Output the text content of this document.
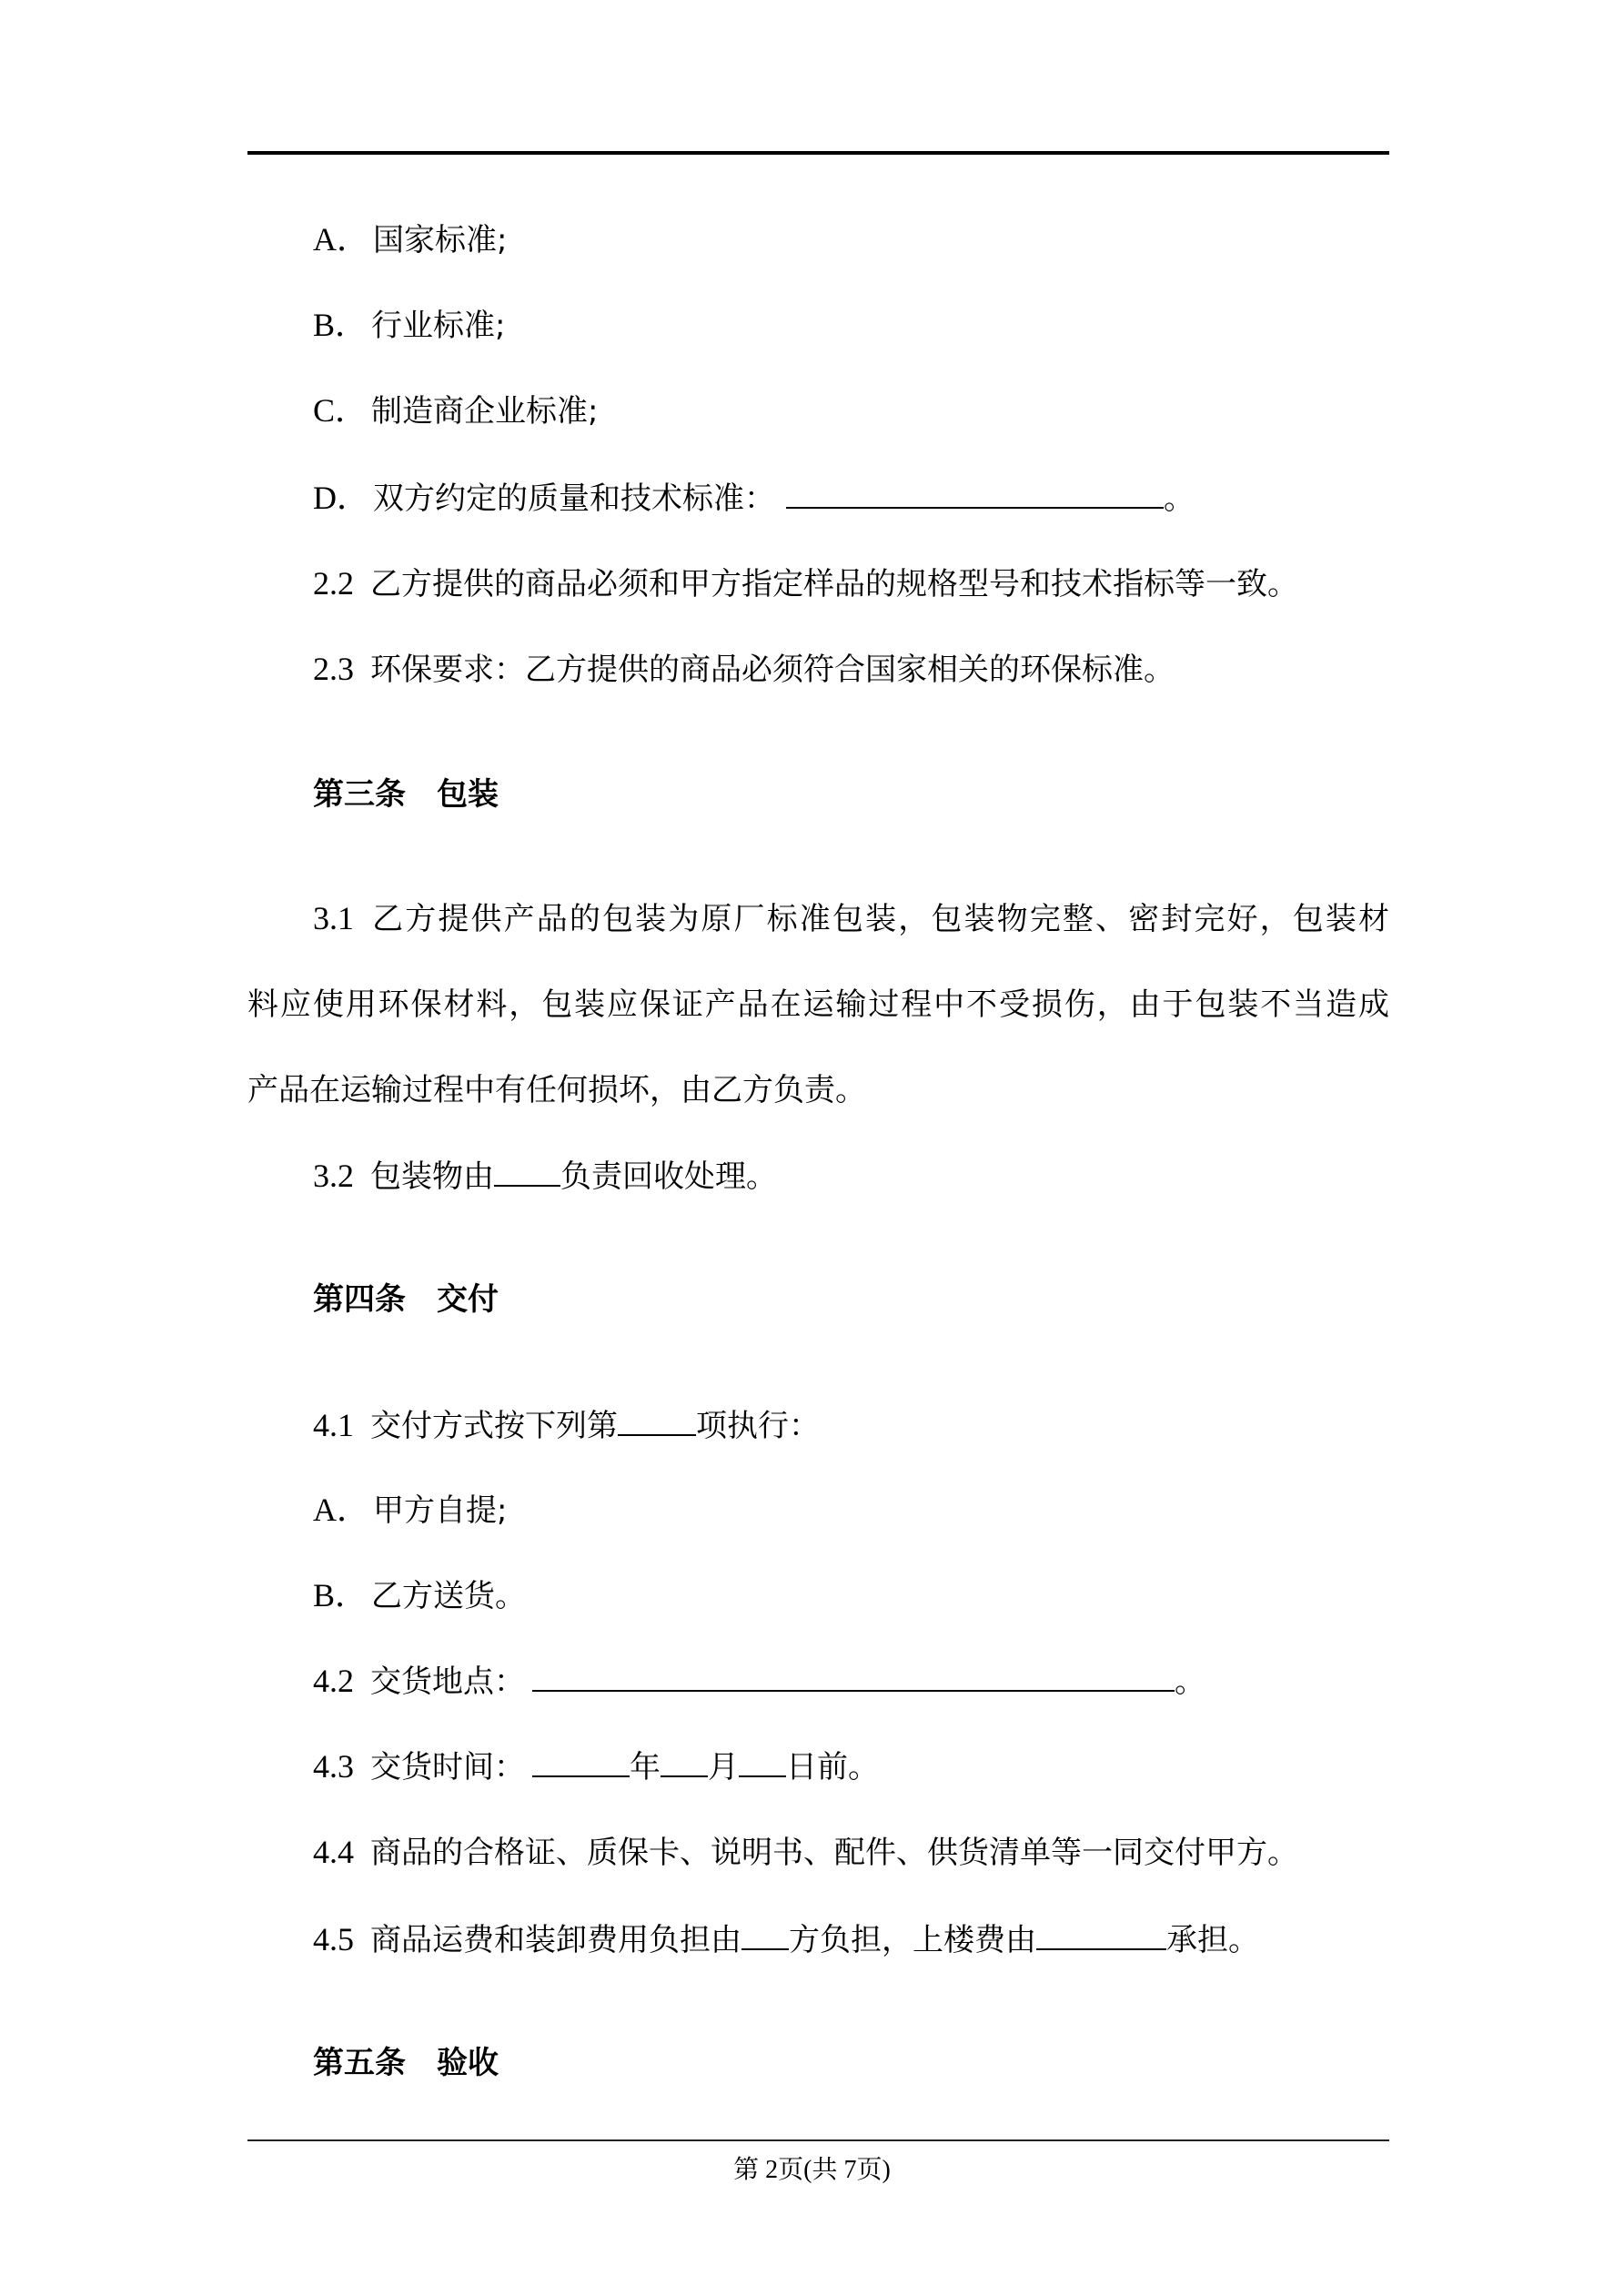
A． 国家标准;
B． 行业标准;
C． 制造商企业标准;
D． 双方约定的质量和技术标准：	。
2.2 乙方提供的商品必须和甲方指定样品的规格型号和技术指标等一致。
2.3 环保要求：乙方提供的商品必须符合国家相关的环保标准。
第三条　包装
3.1 乙方提供产品的包装为原厂标准包装，包装物完整、密封完好，包装材
料应使用环保材料，包装应保证产品在运输过程中不受损伤，由于包装不当造成
产品在运输过程中有任何损坏，由乙方负责。
3.2 包装物由 负责回收处理。
第四条　交付
4.1 交付方式按下列第	项执行：
A． 甲方自提;
B． 乙方送货。
4.2 交货地点：	。
4.3 交货时间：	年 月 日前。
4.4 商品的合格证、质保卡、说明书、配件、供货清单等一同交付甲方。
4.5 商品运费和装卸费用负担由 方负担，上楼费由	承担。
第五条　验收
第 2页(共 7页)
